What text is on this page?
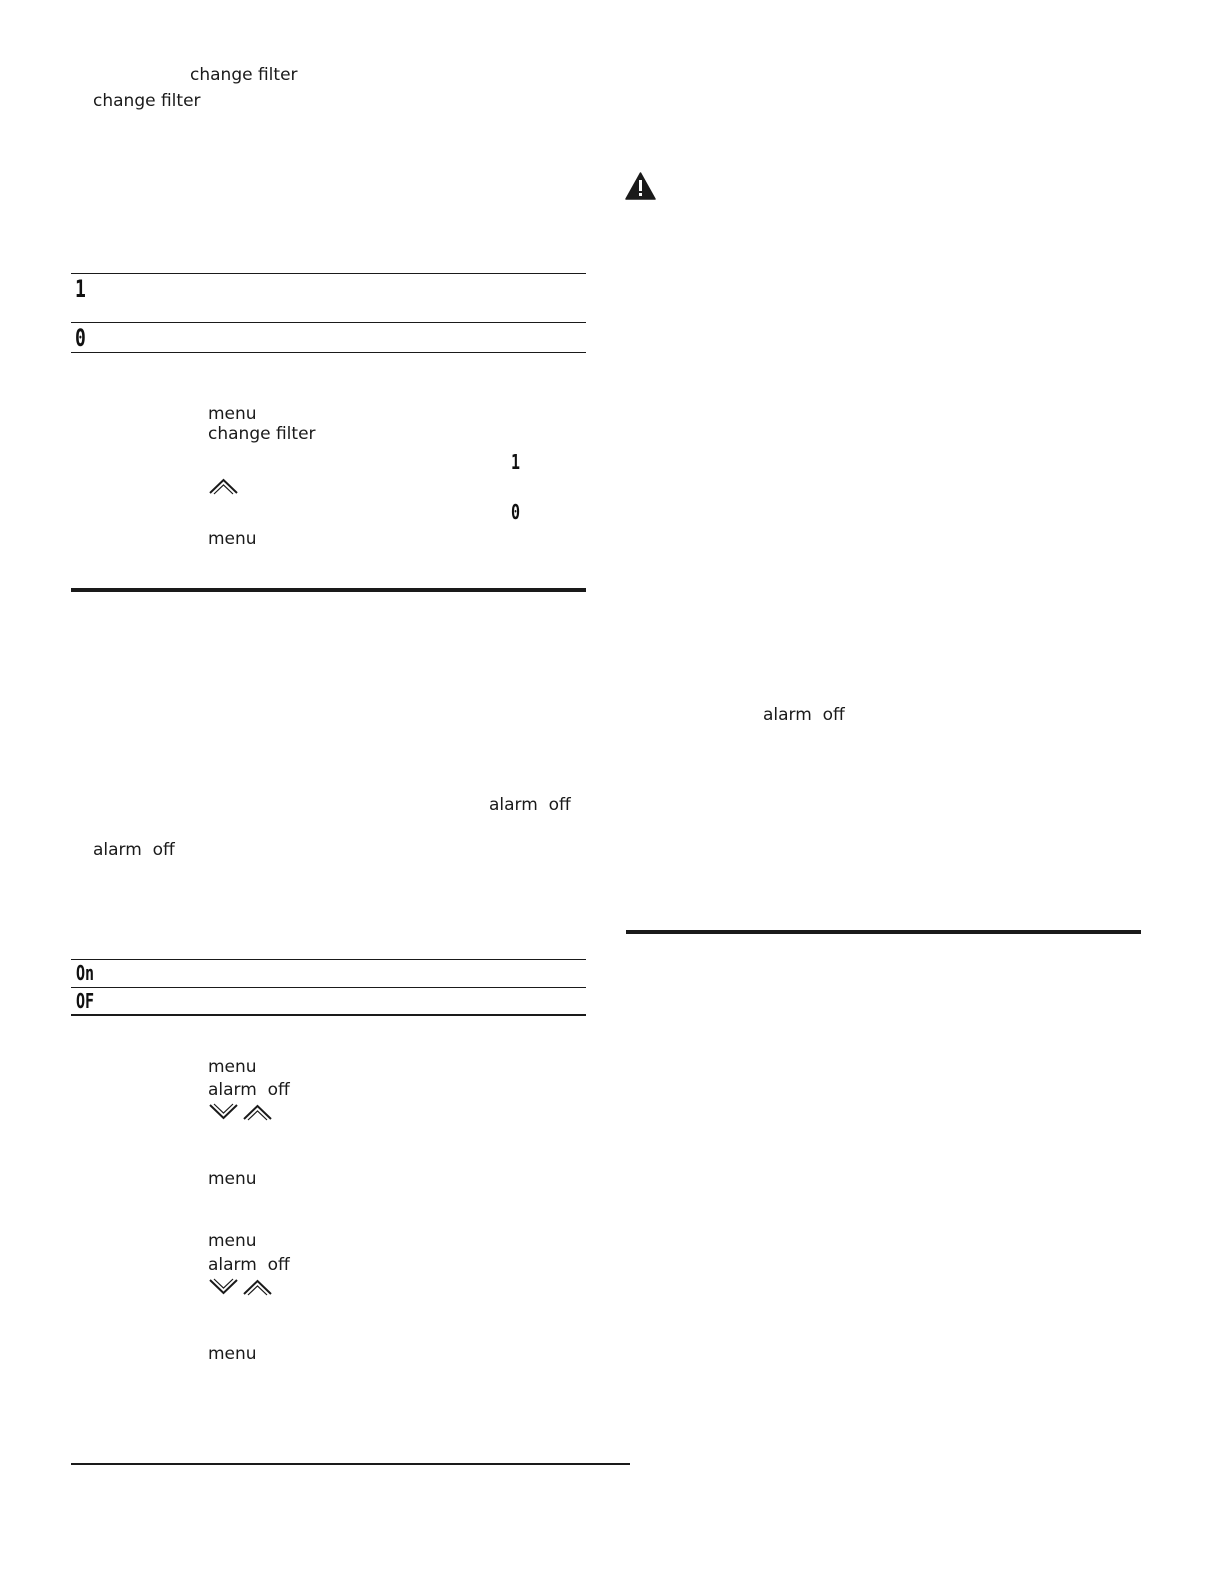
change filter
change filter
1
0
menu
change filter
1
0
menu
alarm  off
alarm  off
alarm  off
On
OF
menu
alarm  off
menu
menu
alarm  off
menu
